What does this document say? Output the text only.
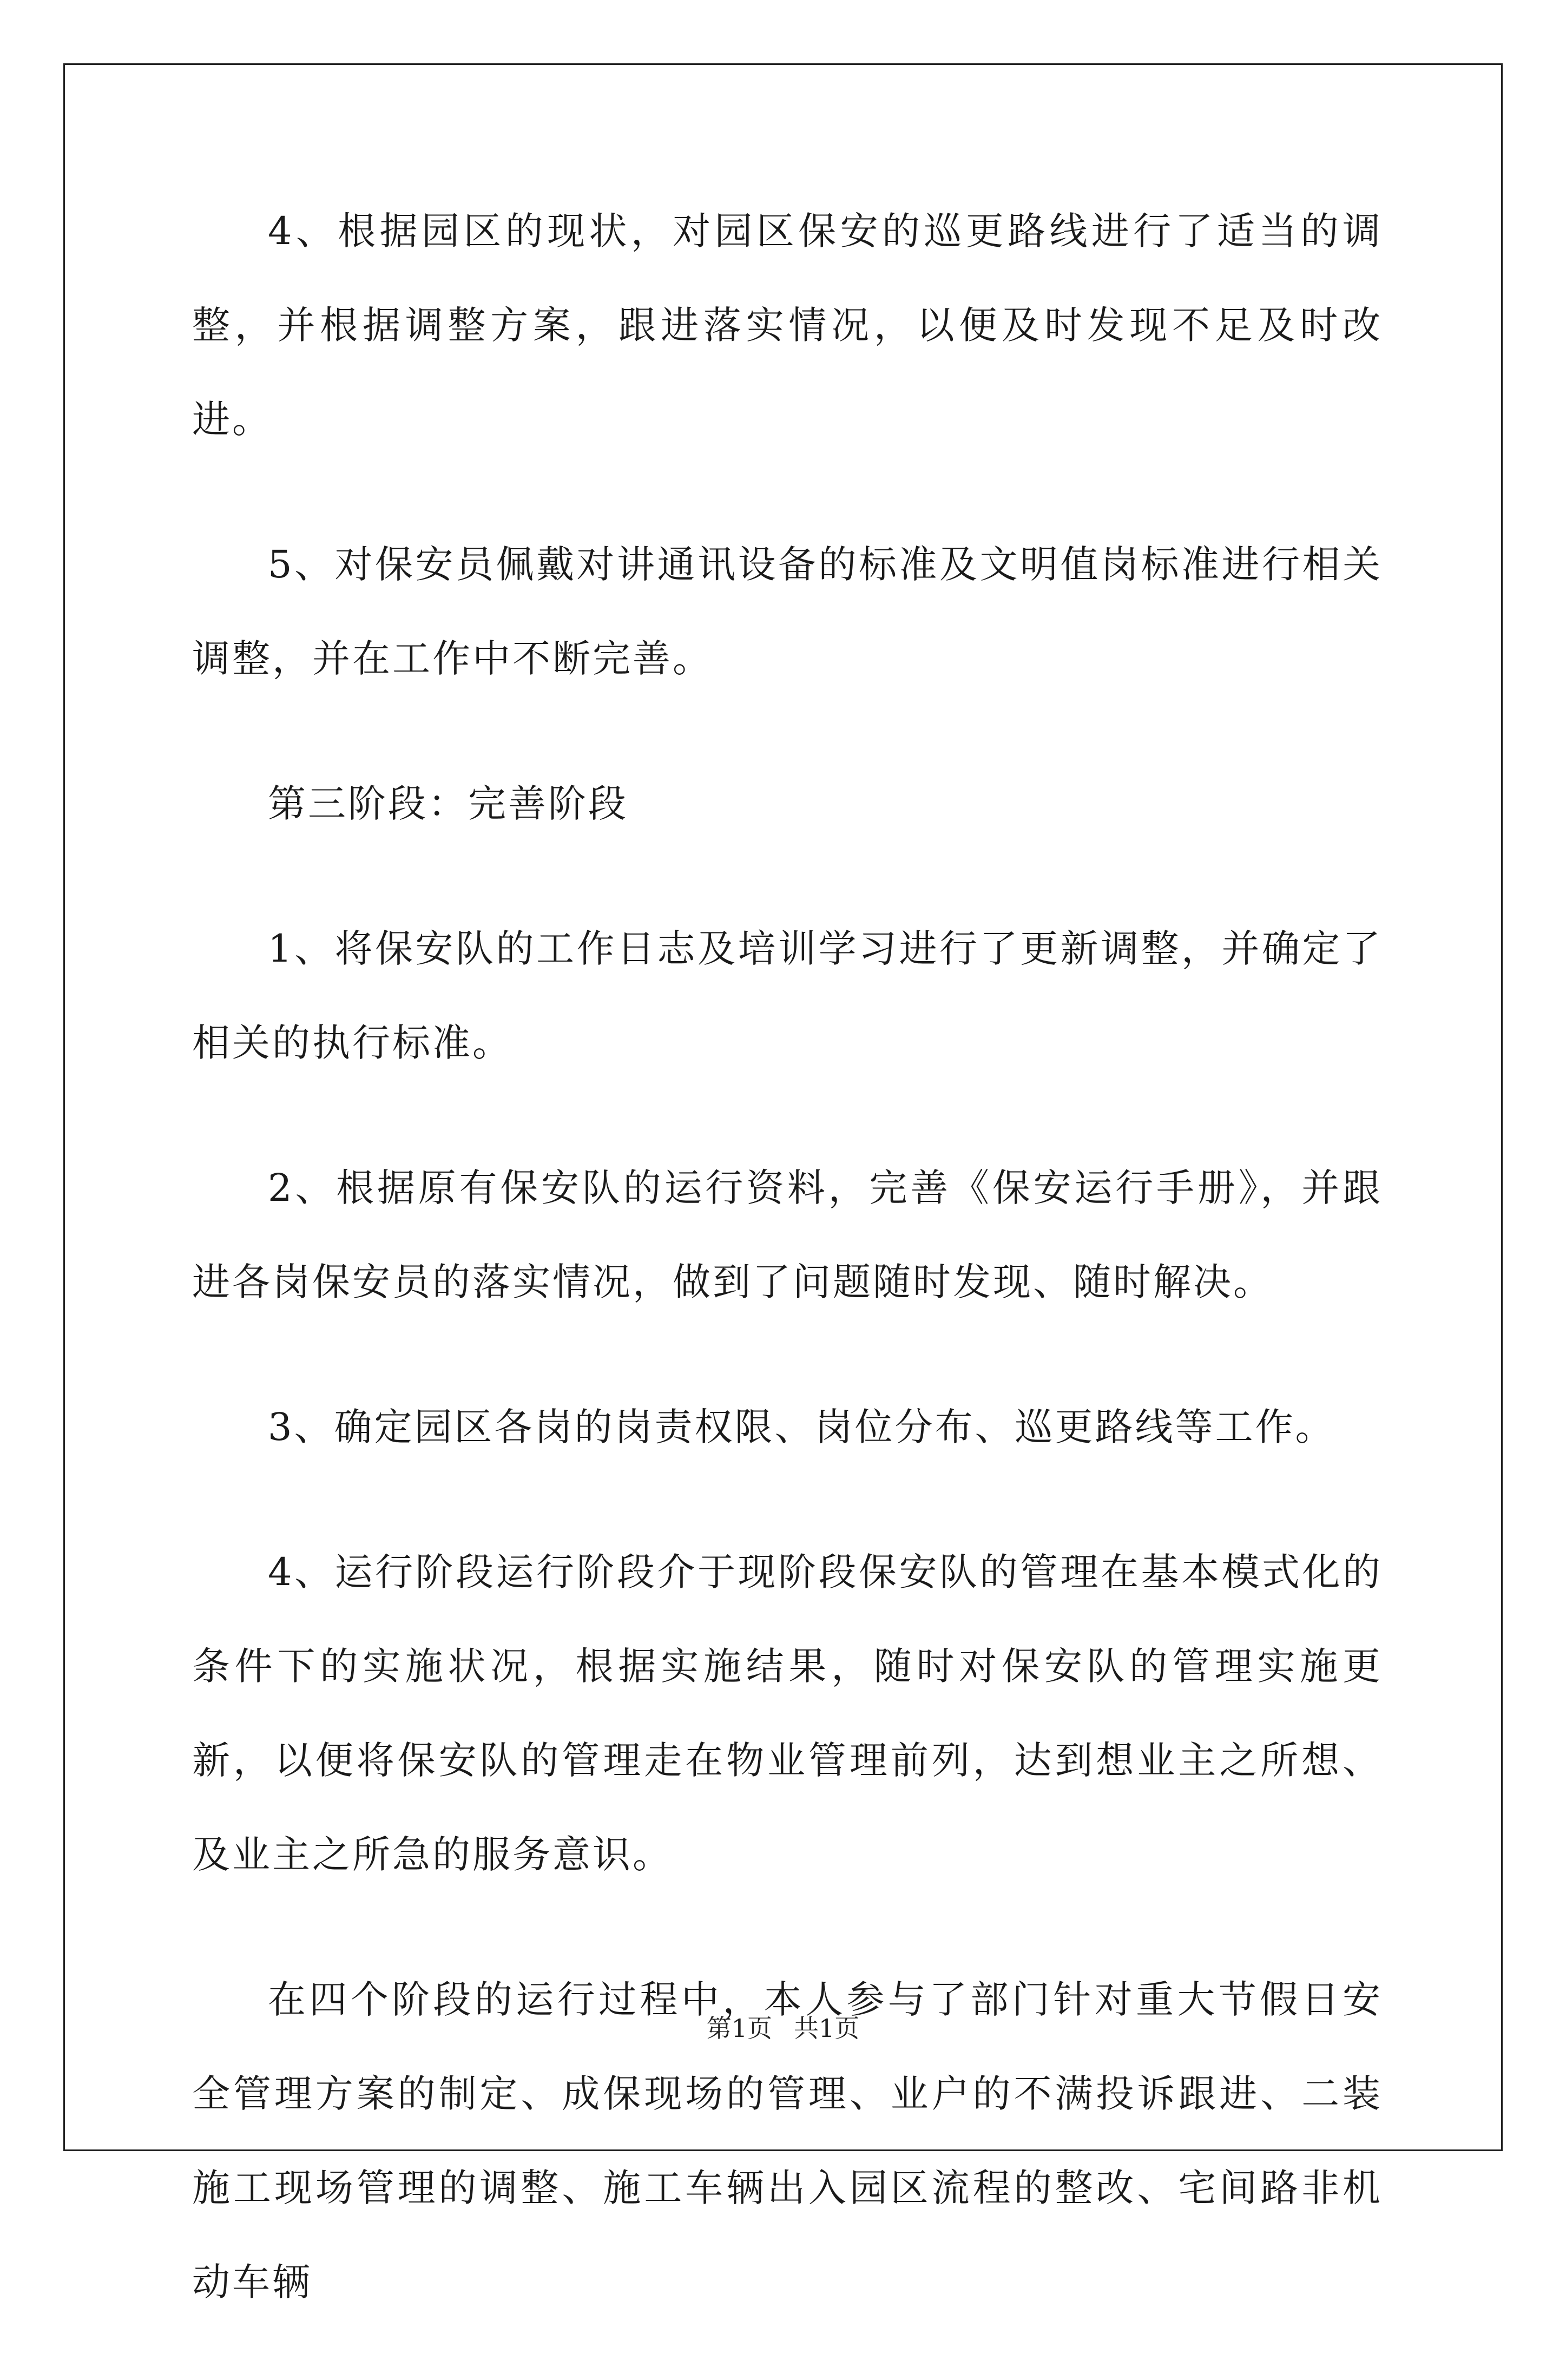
4、根据园区的现状，对园区保安的巡更路线进行了适当的调整，并根据调整方案，跟进落实情况，以便及时发现不足及时改进。

5、对保安员佩戴对讲通讯设备的标准及文明值岗标准进行相关调整，并在工作中不断完善。

第三阶段：完善阶段

1、将保安队的工作日志及培训学习进行了更新调整，并确定了相关的执行标准。

2、根据原有保安队的运行资料，完善《保安运行手册》，并跟进各岗保安员的落实情况，做到了问题随时发现、随时解决。

3、确定园区各岗的岗责权限、岗位分布、巡更路线等工作。

4、运行阶段运行阶段介于现阶段保安队的管理在基本模式化的条件下的实施状况，根据实施结果，随时对保安队的管理实施更新，以便将保安队的管理走在物业管理前列，达到想业主之所想、及业主之所急的服务意识。

在四个阶段的运行过程中，本人参与了部门针对重大节假日安全管理方案的制定、成保现场的管理、业户的不满投诉跟进、二装施工现场管理的调整、施工车辆出入园区流程的整改、宅间路非机动车辆

第1页 共1页
